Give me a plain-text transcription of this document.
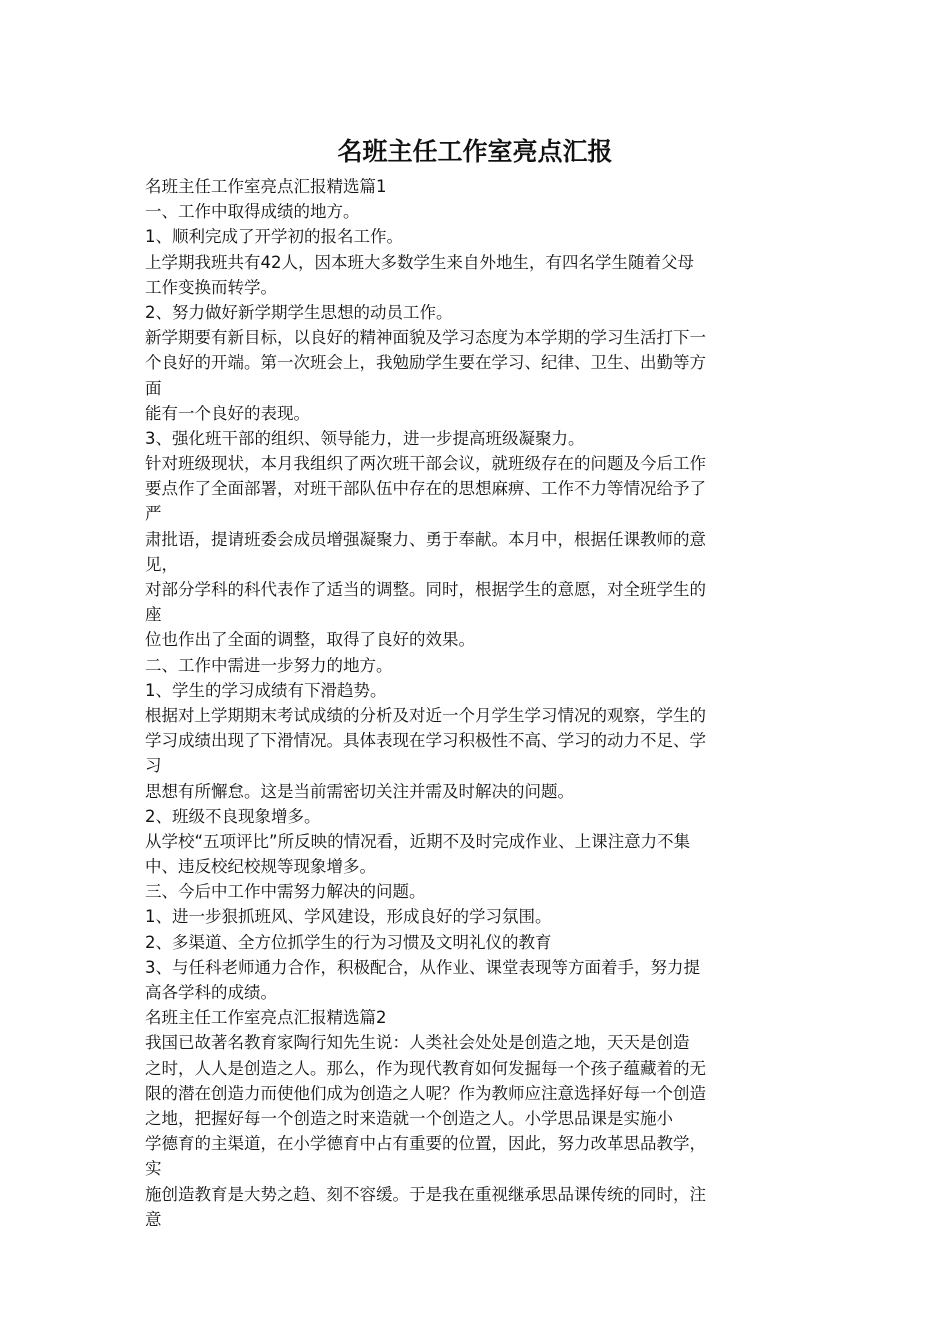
名班主任工作室亮点汇报
名班主任工作室亮点汇报精选篇1
一、工作中取得成绩的地方。
1、顺利完成了开学初的报名工作。
上学期我班共有42人，因本班大多数学生来自外地生，有四名学生随着父母
工作变换而转学。
2、努力做好新学期学生思想的动员工作。
新学期要有新目标，以良好的精神面貌及学习态度为本学期的学习生活打下一
个良好的开端。第一次班会上，我勉励学生要在学习、纪律、卫生、出勤等方
面
能有一个良好的表现。
3、强化班干部的组织、领导能力，进一步提高班级凝聚力。
针对班级现状，本月我组织了两次班干部会议，就班级存在的问题及今后工作
要点作了全面部署，对班干部队伍中存在的思想麻痹、工作不力等情况给予了
严
肃批语，提请班委会成员增强凝聚力、勇于奉献。本月中，根据任课教师的意
见，
对部分学科的科代表作了适当的调整。同时，根据学生的意愿，对全班学生的
座
位也作出了全面的调整，取得了良好的效果。
二、工作中需进一步努力的地方。
1、学生的学习成绩有下滑趋势。
根据对上学期期末考试成绩的分析及对近一个月学生学习情况的观察，学生的
学习成绩出现了下滑情况。具体表现在学习积极性不高、学习的动力不足、学
习
思想有所懈怠。这是当前需密切关注并需及时解决的问题。
2、班级不良现象增多。
从学校“五项评比”所反映的情况看，近期不及时完成作业、上课注意力不集
中、违反校纪校规等现象增多。
三、今后中工作中需努力解决的问题。
1、进一步狠抓班风、学风建设，形成良好的学习氛围。
2、多渠道、全方位抓学生的行为习惯及文明礼仪的教育
3、与任科老师通力合作，积极配合，从作业、课堂表现等方面着手，努力提
高各学科的成绩。
名班主任工作室亮点汇报精选篇2
我国已故著名教育家陶行知先生说：人类社会处处是创造之地，天天是创造
之时，人人是创造之人。那么，作为现代教育如何发掘每一个孩子蕴藏着的无
限的潜在创造力而使他们成为创造之人呢？作为教师应注意选择好每一个创造
之地，把握好每一个创造之时来造就一个创造之人。小学思品课是实施小
学德育的主渠道，在小学德育中占有重要的位置，因此，努力改革思品教学，
实
施创造教育是大势之趋、刻不容缓。于是我在重视继承思品课传统的同时，注
意
